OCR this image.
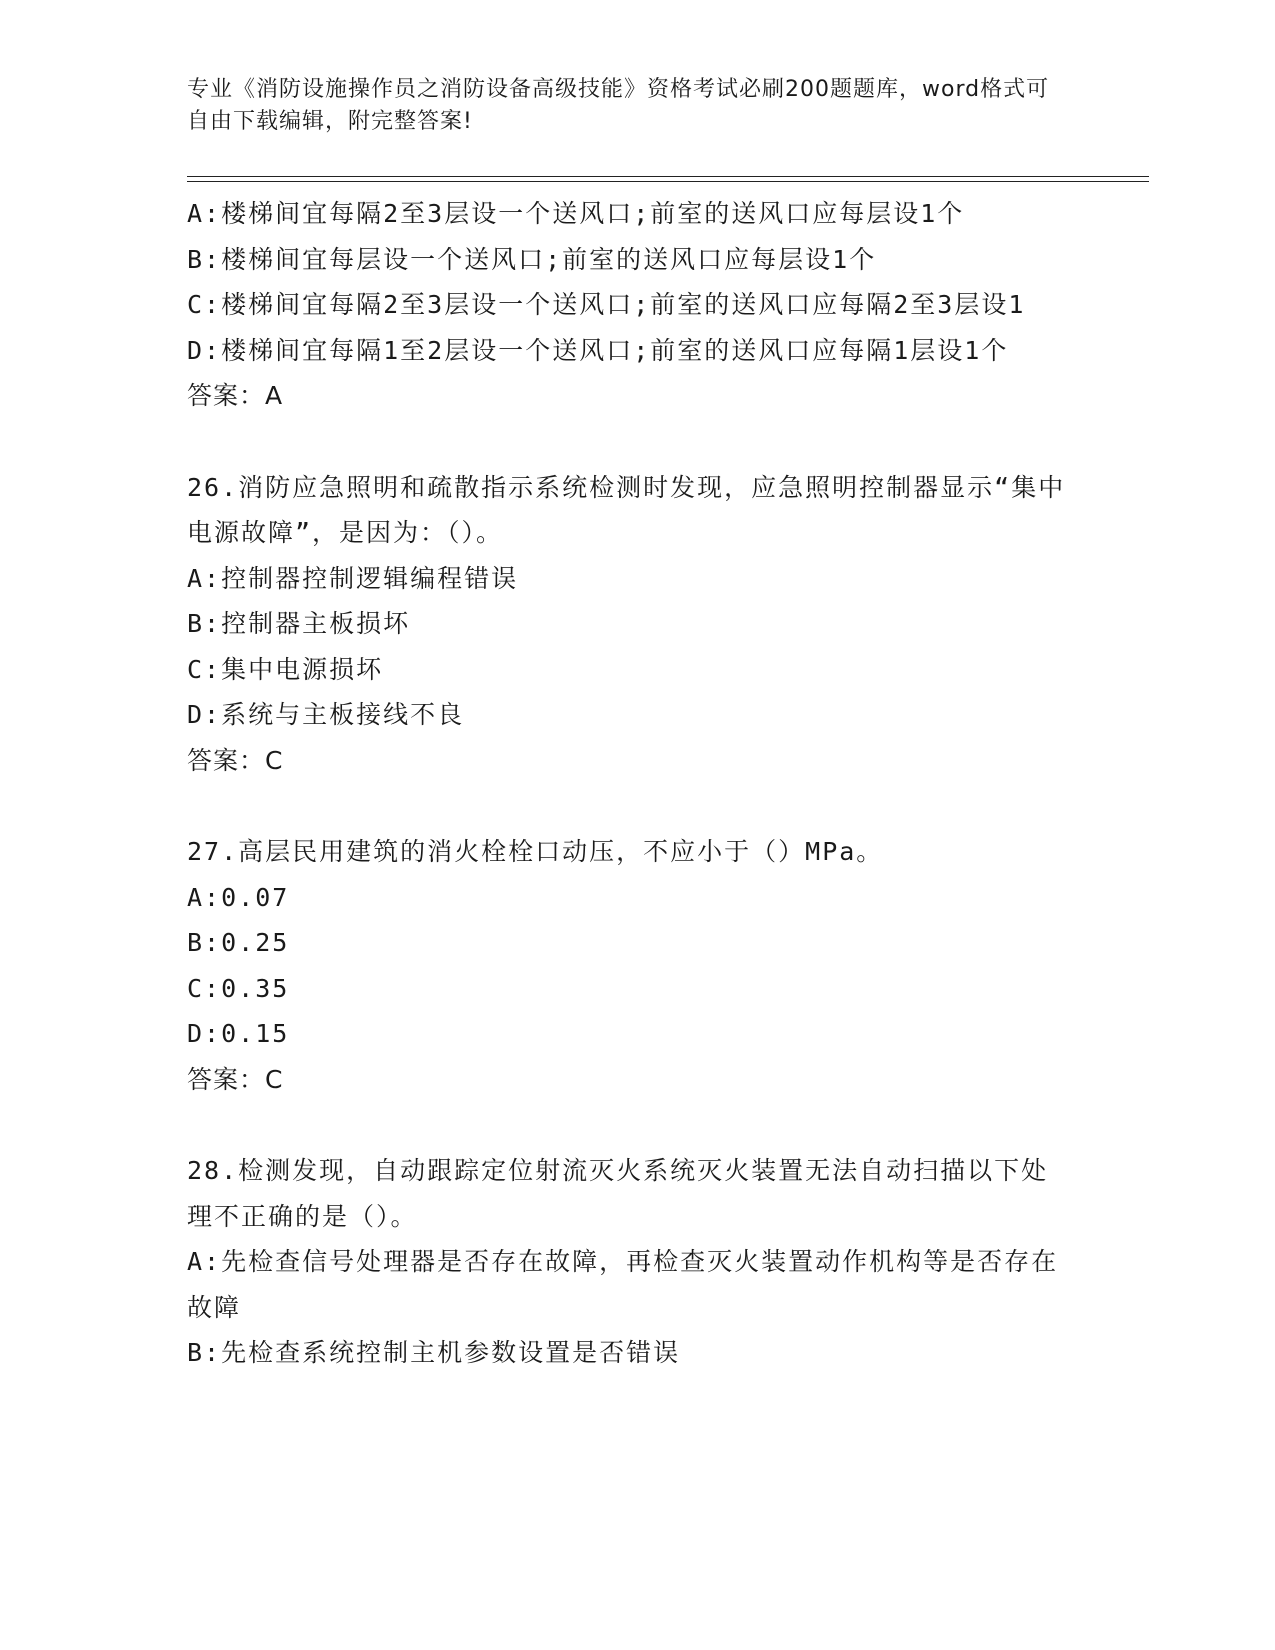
专业《消防设施操作员之消防设备高级技能》资格考试必刷200题题库，word格式可自由下载编辑，附完整答案!

A:楼梯间宜每隔2至3层设一个送风口;前室的送风口应每层设1个

B:楼梯间宜每层设一个送风口;前室的送风口应每层设1个

C:楼梯间宜每隔2至3层设一个送风口;前室的送风口应每隔2至3层设1

D:楼梯间宜每隔1至2层设一个送风口;前室的送风口应每隔1层设1个

答案：A

26.消防应急照明和疏散指示系统检测时发现，应急照明控制器显示“集中电源故障”，是因为：（）。

A:控制器控制逻辑编程错误

B:控制器主板损坏

C:集中电源损坏

D:系统与主板接线不良

答案：C

27.高层民用建筑的消火栓栓口动压，不应小于（）MPa。

A:0.07

B:0.25

C:0.35

D:0.15

答案：C

28.检测发现，自动跟踪定位射流灭火系统灭火装置无法自动扫描以下处理不正确的是（）。

A:先检查信号处理器是否存在故障，再检查灭火装置动作机构等是否存在故障

B:先检查系统控制主机参数设置是否错误
